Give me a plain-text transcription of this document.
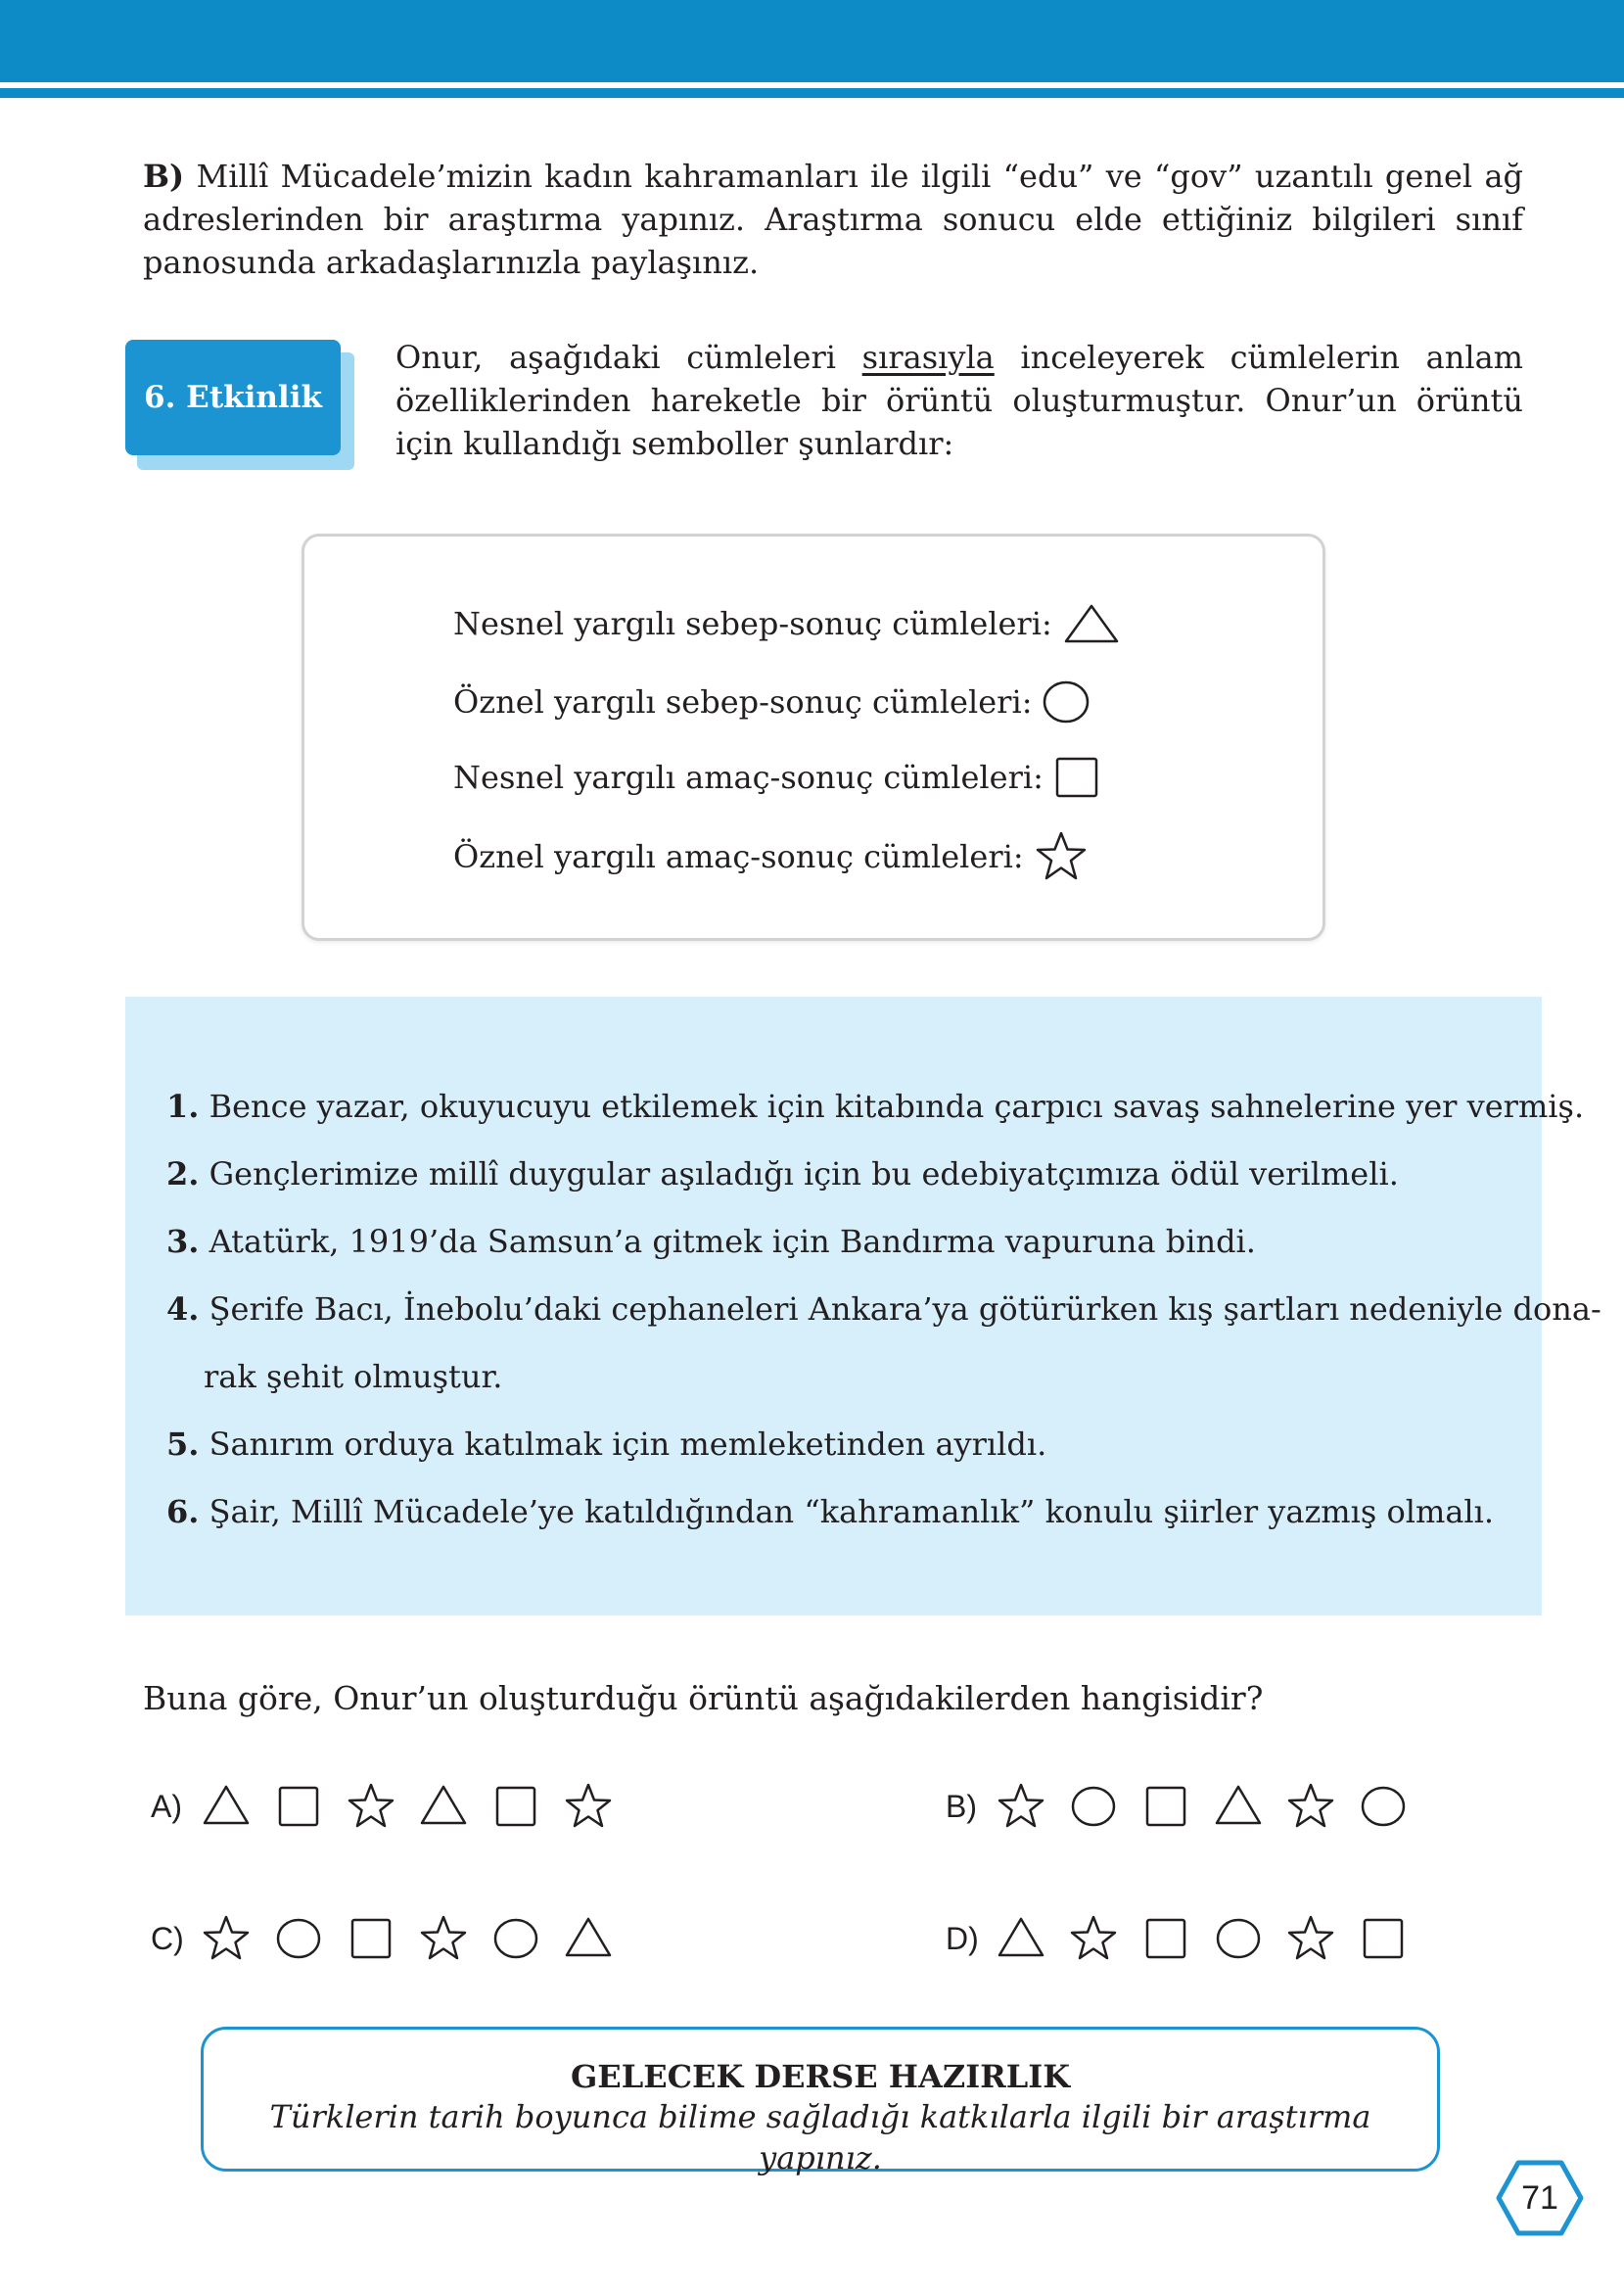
B) Millî Mücadele’mizin kadın kahramanları ile ilgili “edu” ve “gov” uzantılı genel ağ adreslerinden bir araştırma yapınız. Araştırma sonucu elde ettiğiniz bilgileri sınıf panosunda arkadaşlarınızla paylaşınız.
6. Etkinlik
Onur, aşağıdaki cümleleri sırasıyla inceleyerek cümlelerin anlam özelliklerinden hareketle bir örüntü oluşturmuştur. Onur’un örüntü için kullandığı semboller şunlardır:
Nesnel yargılı sebep-sonuç cümleleri:
Öznel yargılı sebep-sonuç cümleleri:
Nesnel yargılı amaç-sonuç cümleleri:
Öznel yargılı amaç-sonuç cümleleri:
1. Bence yazar, okuyucuyu etkilemek için kitabında çarpıcı savaş sahnelerine yer vermiş.
2. Gençlerimize millî duygular aşıladığı için bu edebiyatçımıza ödül verilmeli.
3. Atatürk, 1919’da Samsun’a gitmek için Bandırma vapuruna bindi.
4. Şerife Bacı, İnebolu’daki cephaneleri Ankara’ya götürürken kış şartları nedeniyle dona-
rak şehit olmuştur.
5. Sanırım orduya katılmak için memleketinden ayrıldı.
6. Şair, Millî Mücadele’ye katıldığından “kahramanlık” konulu şiirler yazmış olmalı.
Buna göre, Onur’un oluşturduğu örüntü aşağıdakilerden hangisidir?
A)	B)
C)	D)
GELECEK DERSE HAZIRLIK
Türklerin tarih boyunca bilime sağladığı katkılarla ilgili bir araştırma yapınız.
71
